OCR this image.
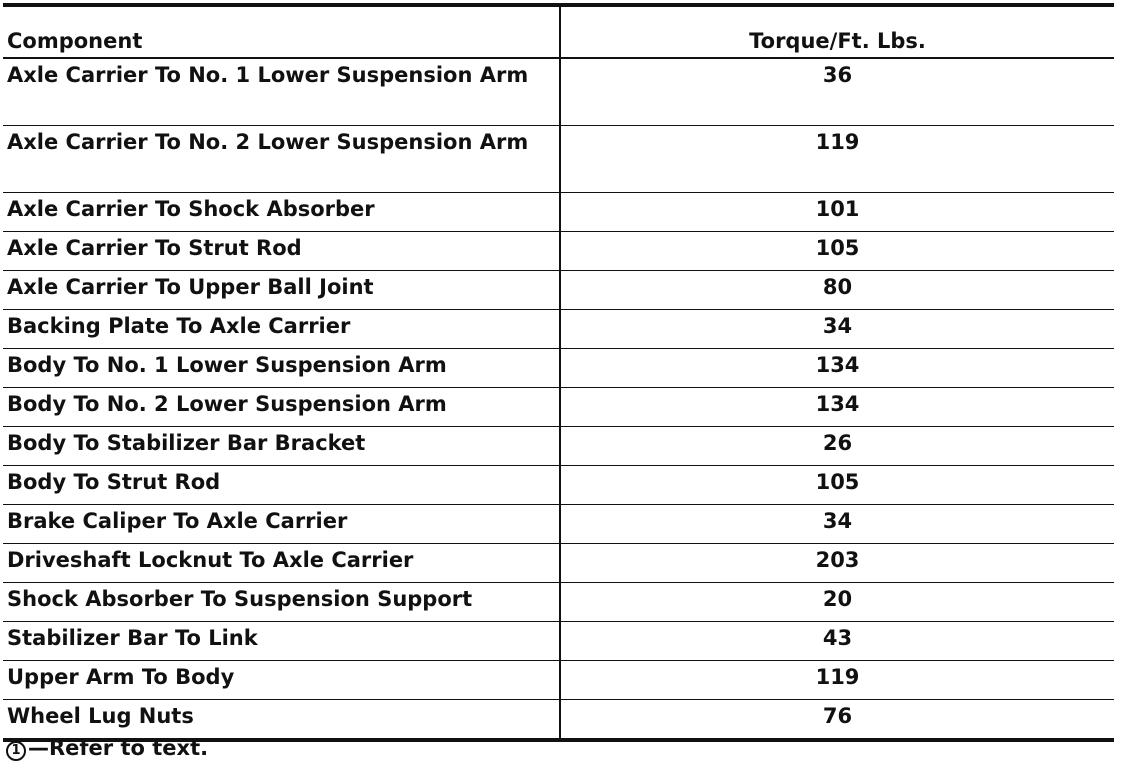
Component	Torque/Ft. Lbs.
Axle Carrier To No. 1 Lower Suspension Arm	36
Axle Carrier To No. 2 Lower Suspension Arm	119
Axle Carrier To Shock Absorber	101
Axle Carrier To Strut Rod	105
Axle Carrier To Upper Ball Joint	80
Backing Plate To Axle Carrier	34
Body To No. 1 Lower Suspension Arm	134
Body To No. 2 Lower Suspension Arm	134
Body To Stabilizer Bar Bracket	26
Body To Strut Rod	105
Brake Caliper To Axle Carrier	34
Driveshaft Locknut To Axle Carrier	203
Shock Absorber To Suspension Support	20
Stabilizer Bar To Link	43
Upper Arm To Body	119
Wheel Lug Nuts	76
1 —Refer to text.
